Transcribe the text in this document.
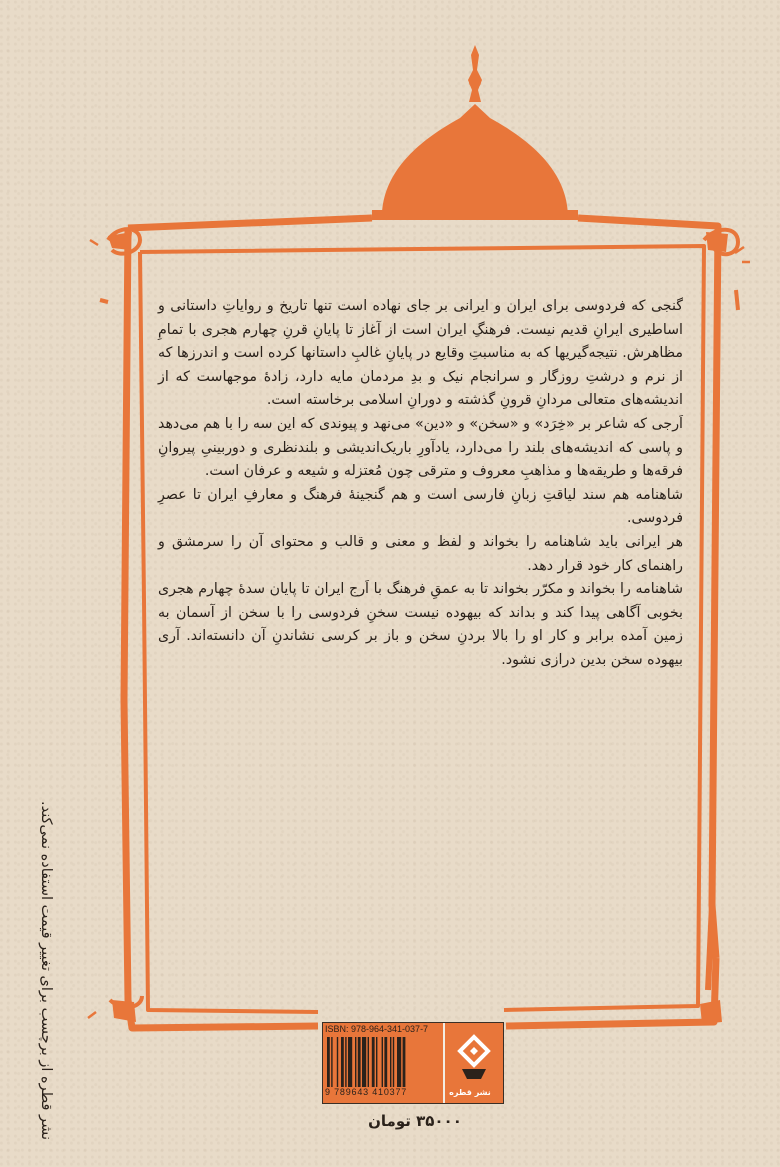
گنجی که فردوسی برای ایران و ایرانی بر جای نهاده است تنها تاریخ و روایاتِ داستانی و اساطیری ایرانِ قدیم نیست. فرهنگِ ایران است از آغاز تا پایانِ قرنِ چهارم هجری با تمامِ مظاهرش. نتیجه‌گیریها که به مناسبتِ وقایع در پایانِ غالبِ داستانها کرده است و اندرزها که از نرم و درشتِ روزگار و سرانجام نیک و بدِ مردمان مایه دارد، زادهٔ موجهاست که از اندیشه‌های متعالی مردانِ قرونِ گذشته و دورانِ اسلامی برخاسته است.

اَرجی که شاعر بر «خِرَد» و «سخن» و «دین» می‌نهد و پیوندی که این سه را با هم می‌دهد و پاسی که اندیشه‌های بلند را می‌دارد، یادآورِ باریک‌اندیشی و بلندنظری و دوربینیِ پیروانِ فرقه‌ها و طریقه‌ها و مذاهبِ معروف و مترقی چون مُعتزله و شیعه و عرفان است.

شاهنامه هم سند لیاقتِ زبانِ فارسی است و هم گنجینهٔ فرهنگ و معارفِ ایران تا عصرِ فردوسی.

هر ایرانی باید شاهنامه را بخواند و لفظ و معنی و قالب و محتوای آن را سرمشق و راهنمای کار خود قرار دهد.

شاهنامه را بخواند و مکرّر بخواند تا به عمقِ فرهنگ با اَرج ایران تا پایان سدهٔ چهارم هجری بخوبی آگاهی پیدا کند و بداند که بیهوده نیست سخنِ فردوسی را با سخن از آسمان به زمین آمده برابر و کار او را بالا بردنِ سخن و باز بر کرسی نشاندنِ آن دانسته‌اند. آری بیهوده سخن بدین درازی نشود.

نشر قطره از برچسب برای تغییر قیمت استفاده نمی‌کند.	ISBN: 978-964-341-037-7
9 789643 410377	نشر قطره
۳۵۰۰۰ تومان
